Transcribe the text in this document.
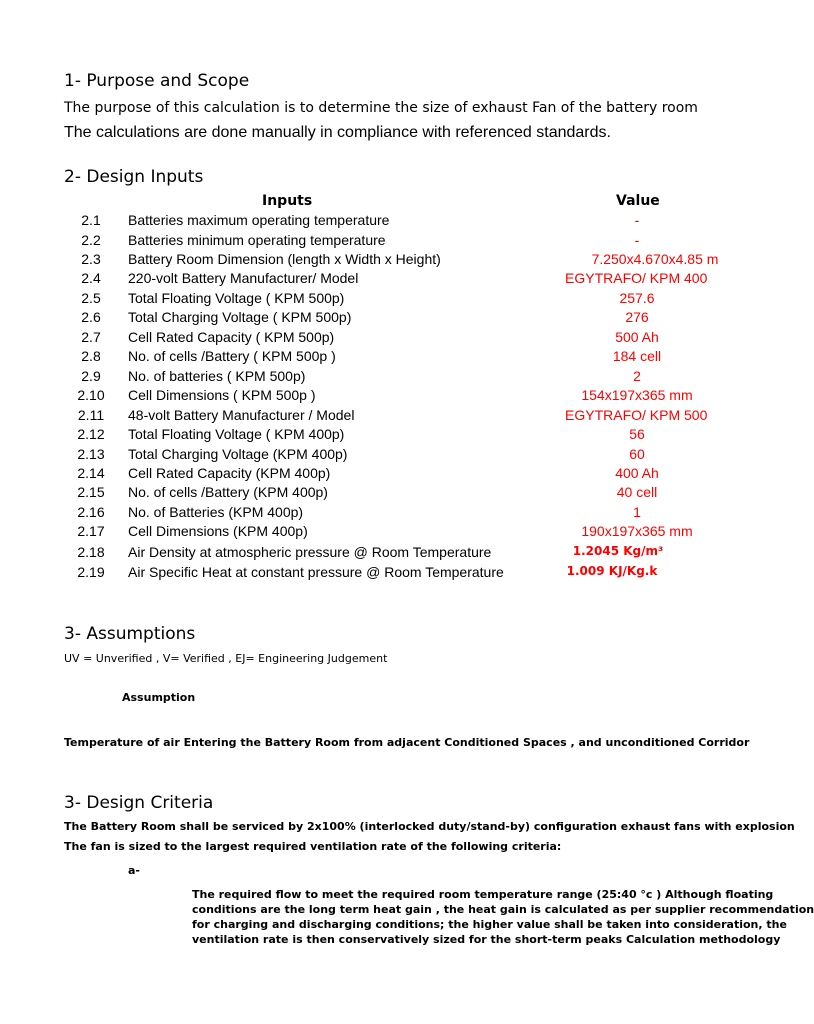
1- Purpose and Scope
The purpose of this calculation is to determine the size of exhaust Fan of the battery room
The calculations are done manually in compliance with referenced standards.
2- Design Inputs
Inputs	Value
2.1	Batteries maximum operating temperature	-
2.2	Batteries minimum operating temperature	-
2.3	Battery Room Dimension (length x Width x Height)	7.250x4.670x4.85 m
2.4	220-volt Battery Manufacturer/ Model	EGYTRAFO/ KPM 400
2.5	Total Floating Voltage ( KPM 500p)	257.6
2.6	Total Charging Voltage ( KPM 500p)	276
2.7	Cell Rated Capacity ( KPM 500p)	500 Ah
2.8	No. of cells /Battery ( KPM 500p )	184 cell
2.9	No. of batteries ( KPM 500p)	2
2.10	Cell Dimensions ( KPM 500p )	154x197x365 mm
2.11	48-volt Battery Manufacturer / Model	EGYTRAFO/ KPM 500
2.12	Total Floating Voltage ( KPM 400p)	56
2.13	Total Charging Voltage (KPM 400p)	60
2.14	Cell Rated Capacity (KPM 400p)	400 Ah
2.15	No. of cells /Battery (KPM 400p)	40 cell
2.16	No. of Batteries (KPM 400p)	1
2.17	Cell Dimensions (KPM 400p)	190x197x365 mm
2.18	Air Density at atmospheric pressure @ Room Temperature	1.2045 Kg/m³
2.19	Air Specific Heat at constant pressure @ Room Temperature	1.009 KJ/Kg.k
3- Assumptions
UV = Unverified , V= Verified , EJ= Engineering Judgement
Assumption
Temperature of air Entering the Battery Room from adjacent Conditioned Spaces , and unconditioned Corridor
3- Design Criteria
The Battery Room shall be serviced by 2x100% (interlocked duty/stand-by) configuration exhaust fans with explosion
The fan is sized to the largest required ventilation rate of the following criteria:
a-
The required flow to meet the required room temperature range (25:40 °c ) Although floating
conditions are the long term heat gain , the heat gain is calculated as per supplier recommendation
for charging and discharging conditions; the higher value shall be taken into consideration, the
ventilation rate is then conservatively sized for the short-term peaks Calculation methodology
